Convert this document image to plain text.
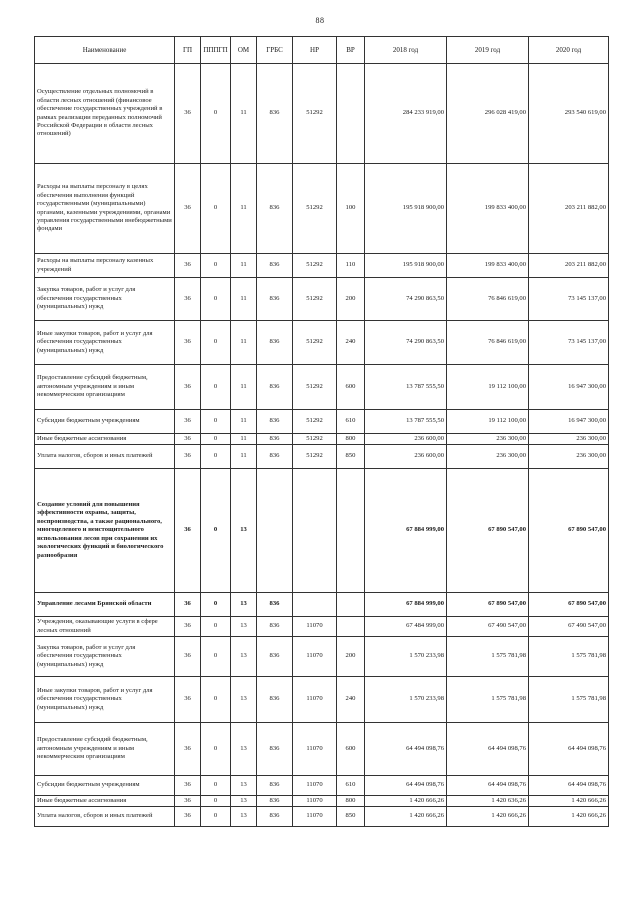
88
Наименование	ГП	ПППГП	ОМ	ГРБС	НР	ВР	2018 год	2019 год	2020 год
Осуществление отдельных полномочий в области лесных отношений (финансовое обеспечение государственных учреждений в рамках реализации переданных полномочий Российской Федерации в области лесных отношений)	36	0	11	836	51292		284 233 919,00	296 028 419,00	293 540 619,00
Расходы на выплаты персоналу в целях обеспечения выполнения функций государственными (муниципальными) органами, казенными учреждениями, органами управления государственными внебюджетными фондами	36	0	11	836	51292	100	195 918 900,00	199 833 400,00	203 211 882,00
Расходы на выплаты персоналу казенных учреждений	36	0	11	836	51292	110	195 918 900,00	199 833 400,00	203 211 882,00
Закупка товаров, работ и услуг для обеспечения государственных (муниципальных) нужд	36	0	11	836	51292	200	74 290 863,50	76 846 619,00	73 145 137,00
Иные закупки товаров, работ и услуг для обеспечения государственных (муниципальных) нужд	36	0	11	836	51292	240	74 290 863,50	76 846 619,00	73 145 137,00
Предоставление субсидий бюджетным, автономным учреждениям и иным некоммерческим организациям	36	0	11	836	51292	600	13 787 555,50	19 112 100,00	16 947 300,00
Субсидии бюджетным учреждениям	36	0	11	836	51292	610	13 787 555,50	19 112 100,00	16 947 300,00
Иные бюджетные ассигнования	36	0	11	836	51292	800	236 600,00	236 300,00	236 300,00
Уплата налогов, сборов и иных платежей	36	0	11	836	51292	850	236 600,00	236 300,00	236 300,00
Создание условий для повышения эффективности охраны, защиты, воспроизводства, а также рационального, многоцелевого и неистощительного использования лесов при сохранении их экологических функций и биологического разнообразия	36	0	13				67 884 999,00	67 890 547,00	67 890 547,00
Управление лесами Брянской области	36	0	13	836			67 884 999,00	67 890 547,00	67 890 547,00
Учреждения, оказывающие услуги в сфере лесных отношений	36	0	13	836	11070		67 484 999,00	67 490 547,00	67 490 547,00
Закупка товаров, работ и услуг для обеспечения государственных (муниципальных) нужд	36	0	13	836	11070	200	1 570 233,98	1 575 781,98	1 575 781,98
Иные закупки товаров, работ и услуг для обеспечения государственных (муниципальных) нужд	36	0	13	836	11070	240	1 570 233,98	1 575 781,98	1 575 781,98
Предоставление субсидий бюджетным, автономным учреждениям и иным некоммерческим организациям	36	0	13	836	11070	600	64 494 098,76	64 494 098,76	64 494 098,76
Субсидии бюджетным учреждениям	36	0	13	836	11070	610	64 494 098,76	64 494 098,76	64 494 098,76
Иные бюджетные ассигнования	36	0	13	836	11070	800	1 420 666,26	1 420 636,26	1 420 666,26
Уплата налогов, сборов и иных платежей	36	0	13	836	11070	850	1 420 666,26	1 420 666,26	1 420 666,26
